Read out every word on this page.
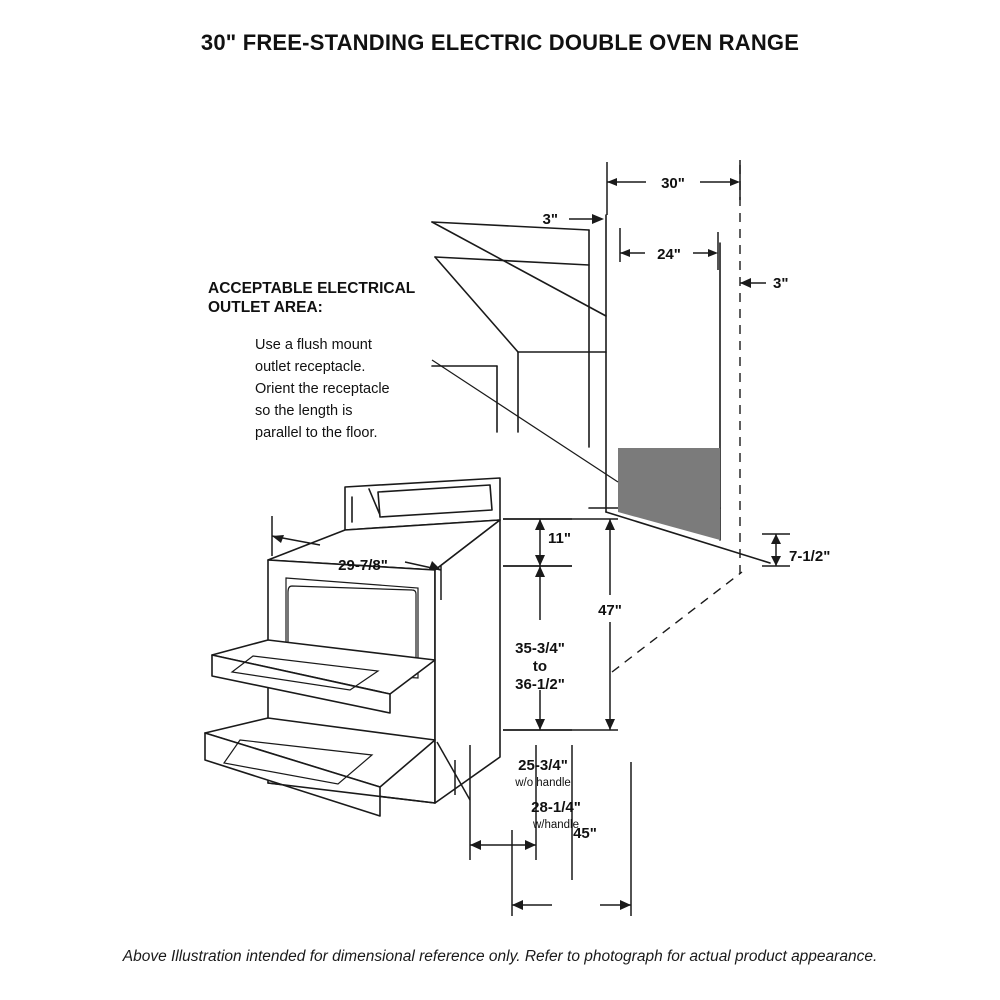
30" FREE-STANDING ELECTRIC DOUBLE OVEN RANGE
30"
3"
24"
3"
7-1/2"
29-7/8"
11"
35-3/4"
to
36-1/2"
47"
25-3/4"
w/o handle
28-1/4"
w/handle
45"
ACCEPTABLE ELECTRICAL
OUTLET AREA:
Use a flush mount
outlet receptacle.
Orient the receptacle
so the length is
parallel to the floor.
Above Illustration intended for dimensional reference only. Refer to photograph for actual product appearance.
